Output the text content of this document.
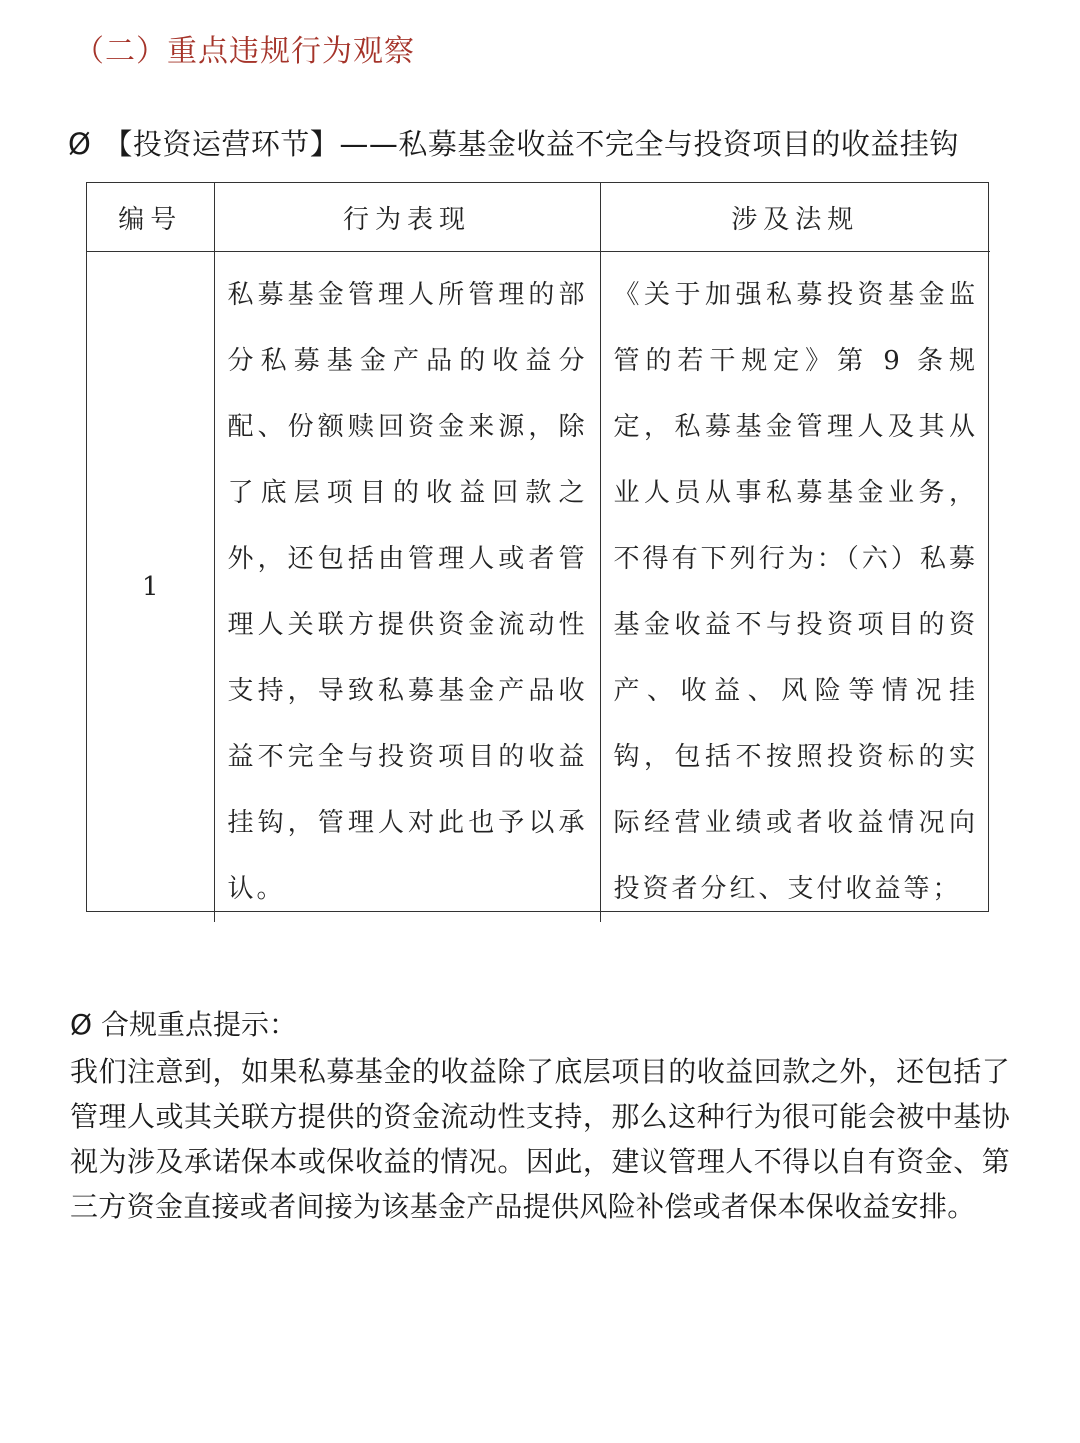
（二）重点违规行为观察
Ø 【投资运营环节】——私募基金收益不完全与投资项目的收益挂钩
编号	行为表现	涉及法规
1	私募基金管理人所管理的部分私募基金产品的收益分配、份额赎回资金来源，除了底层项目的收益回款之外，还包括由管理人或者管理人关联方提供资金流动性支持，导致私募基金产品收益不完全与投资项目的收益挂钩，管理人对此也予以承认。	《关于加强私募投资基金监管的若干规定》第 9 条规定，私募基金管理人及其从业人员从事私募基金业务，不得有下列行为：（六）私募基金收益不与投资项目的资产、收益、风险等情况挂钩，包括不按照投资标的实际经营业绩或者收益情况向投资者分红、支付收益等；
Ø 合规重点提示：
我们注意到，如果私募基金的收益除了底层项目的收益回款之外，还包括了管理人或其关联方提供的资金流动性支持，那么这种行为很可能会被中基协视为涉及承诺保本或保收益的情况。因此，建议管理人不得以自有资金、第三方资金直接或者间接为该基金产品提供风险补偿或者保本保收益安排。
